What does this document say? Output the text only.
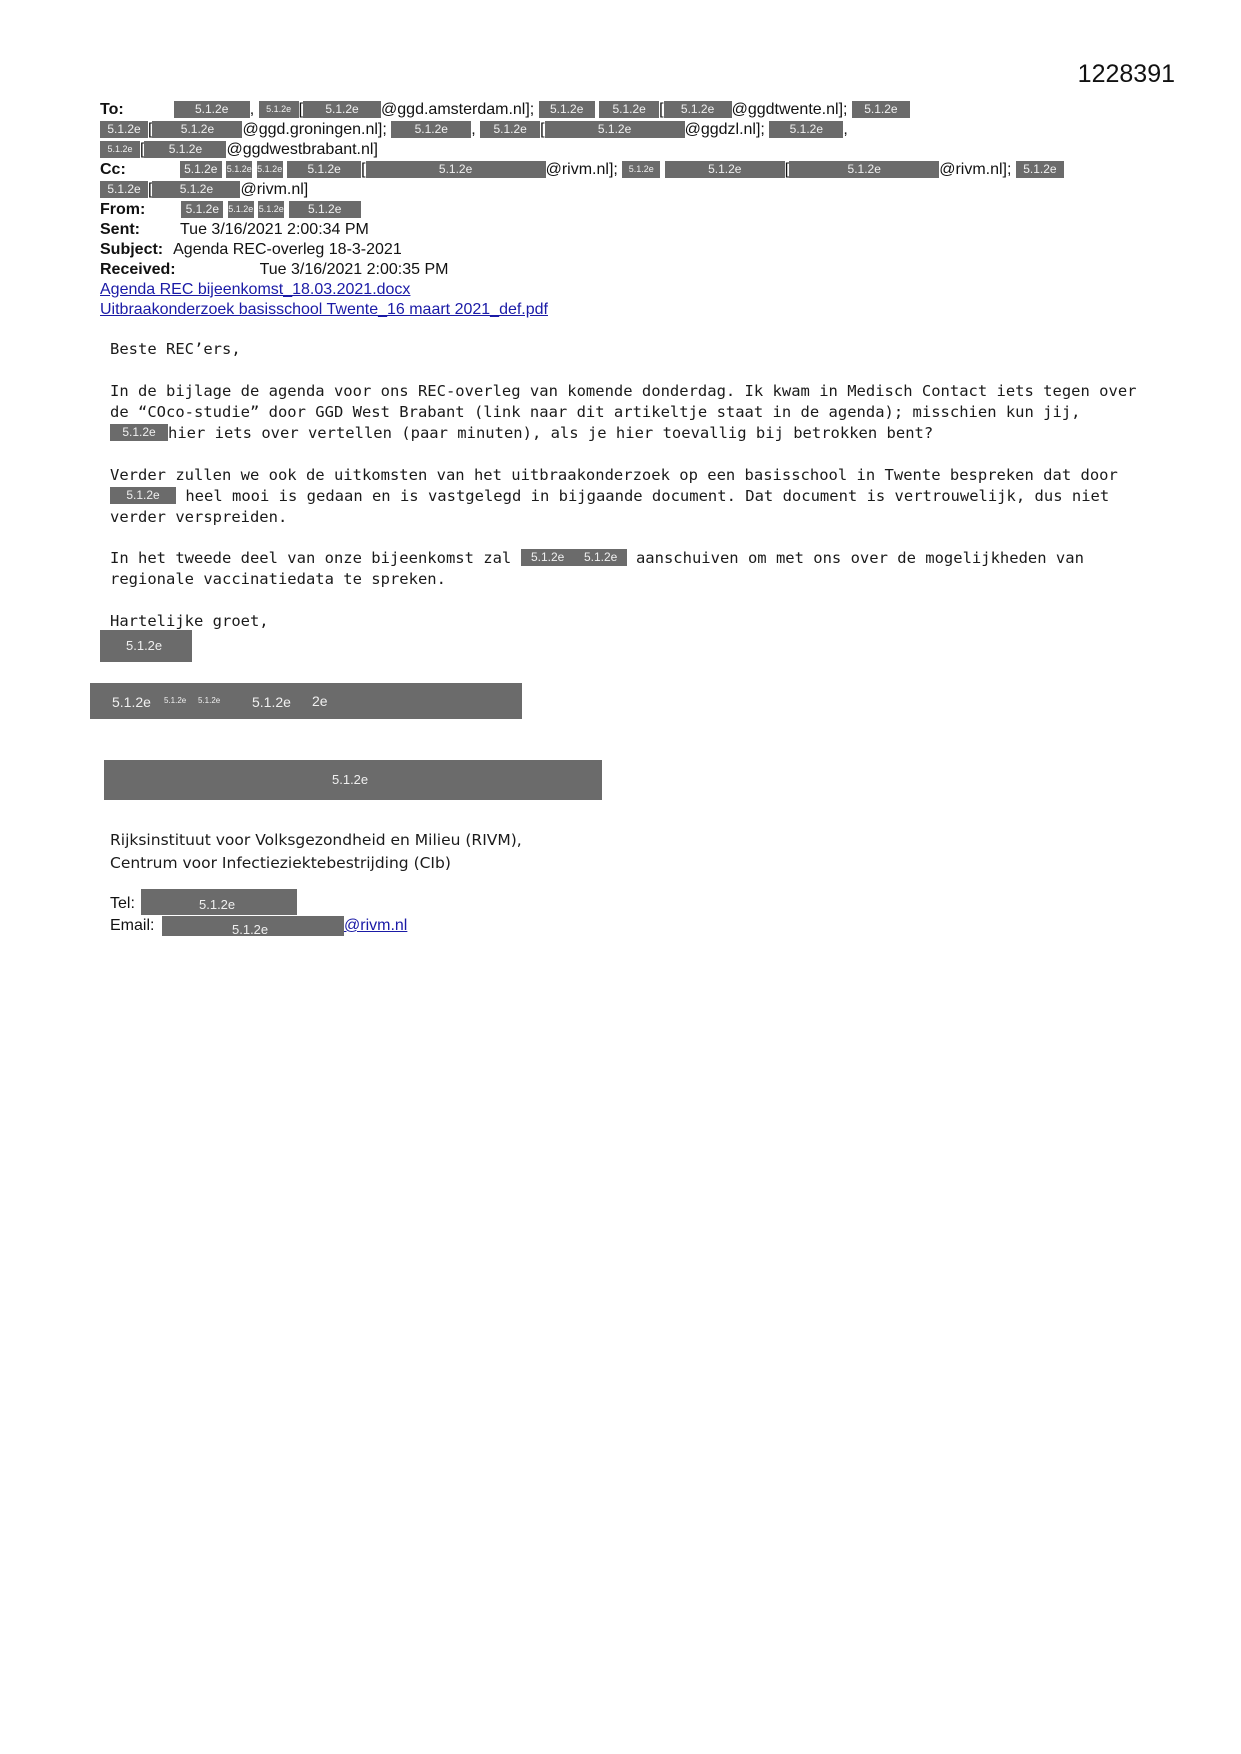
1228391
To:	5.1.2e , 5.1.2e [ 5.1.2e @ggd.amsterdam.nl]; 5.1.2e 5.1.2e [ 5.1.2e @ggdtwente.nl]; 5.1.2e
5.1.2e [ 5.1.2e @ggd.groningen.nl]; 5.1.2e , 5.1.2e [	5.1.2e	@ggdzl.nl]; 5.1.2e ,
5.1.2e [ 5.1.2e @ggdwestbrabant.nl]
Cc:	5.1.2e 5.1.2e 5.1.2e 5.1.2e [	5.1.2e	@rivm.nl]; 5.1.2e	5.1.2e	[	5.1.2e	@rivm.nl]; 5.1.2e
5.1.2e [ 5.1.2e @rivm.nl]
From:	5.1.2e 5.1.2e 5.1.2e 5.1.2e
Sent:	Tue 3/16/2021 2:00:34 PM
Subject: Agenda REC-overleg 18-3-2021
Received:	Tue 3/16/2021 2:00:35 PM
Agenda REC bijeenkomst_18.03.2021.docx
Uitbraakonderzoek basisschool Twente_16 maart 2021_def.pdf

Beste REC’ers,

In de bijlage de agenda voor ons REC-overleg van komende donderdag. Ik kwam in Medisch Contact iets tegen over de “COco-studie” door GGD West Brabant (link naar dit artikeltje staat in de agenda); misschien kun jij, 5.1.2e hier iets over vertellen (paar minuten), als je hier toevallig bij betrokken bent?

Verder zullen we ook de uitkomsten van het uitbraakonderzoek op een basisschool in Twente bespreken dat door 5.1.2e heel mooi is gedaan en is vastgelegd in bijgaande document. Dat document is vertrouwelijk, dus niet verder verspreiden.

In het tweede deel van onze bijeenkomst zal 5.1.2e 5.1.2e aanschuiven om met ons over de mogelijkheden van regionale vaccinatiedata te spreken.

Hartelijke groet,

5.1.2e
5.1.2e 5.1.2e 5.1.2e 5.1.2e 2e
5.1.2e
Rijksinstituut voor Volksgezondheid en Milieu (RIVM),
Centrum voor Infectieziektebestrijding (CIb)
Tel:	5.1.2e
Email:	5.1.2e	@rivm.nl
